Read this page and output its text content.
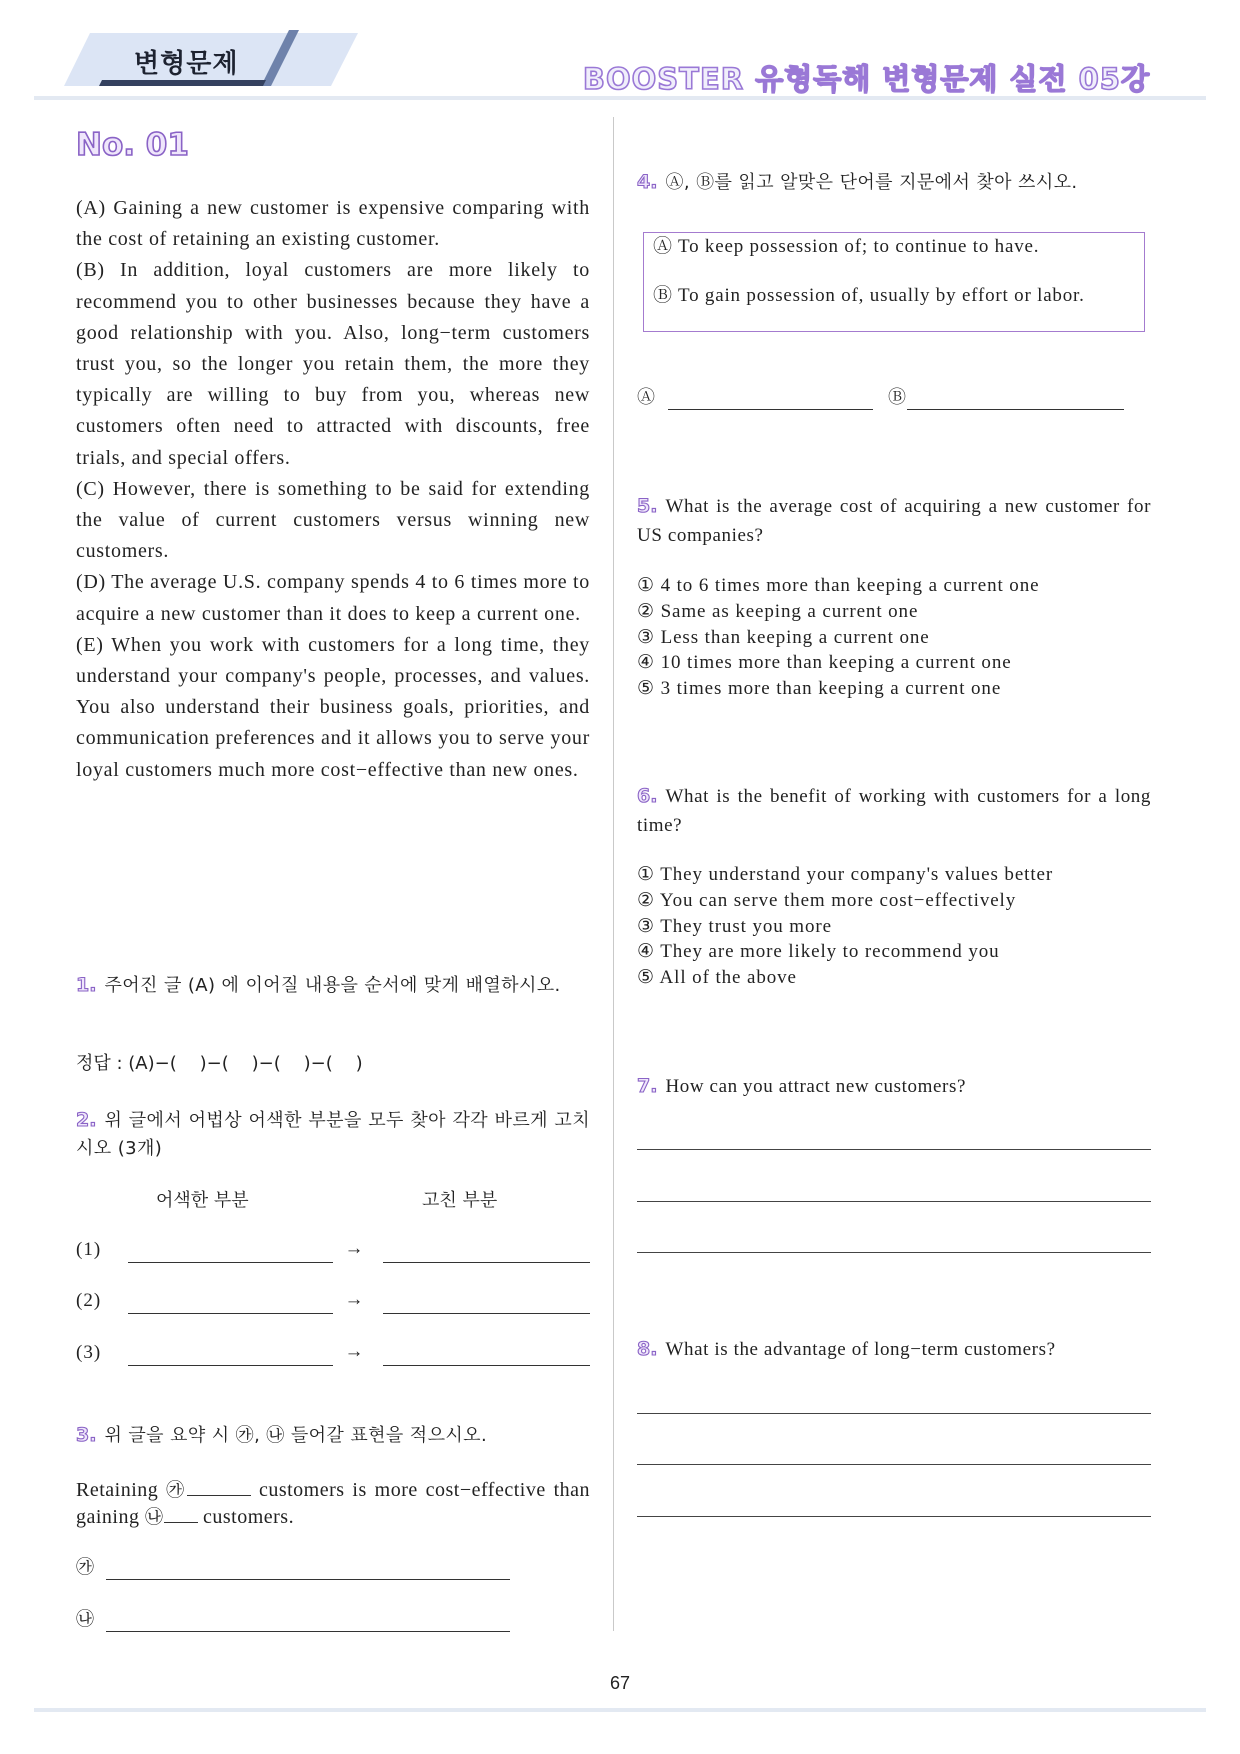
변형문제	BOOSTER 유형독해 변형문제 실전 05강
No. 01

(A) Gaining a new customer is expensive comparing with the cost of retaining an existing customer.

(B) In addition, loyal customers are more likely to recommend you to other businesses because they have a good relationship with you. Also, long−term customers trust you, so the longer you retain them, the more they typically are willing to buy from you, whereas new customers often need to attracted with discounts, free trials, and special offers.

(C) However, there is something to be said for extending the value of current customers versus winning new customers.

(D) The average U.S. company spends 4 to 6 times more to acquire a new customer than it does to keep a current one.

(E) When you work with customers for a long time, they understand your company's people, processes, and values. You also understand their business goals, priorities, and communication preferences and it allows you to serve your loyal customers much more cost−effective than new ones.

1. 주어진 글 (A) 에 이어질 내용을 순서에 맞게 배열하시오.

정답 : (A)−(    )−(    )−(    )−(    )

2. 위 글에서 어법상 어색한 부분을 모두 찾아 각각 바르게 고치시오 (3개)

어색한 부분	고친 부분
(1)	→
(2)	→
(3)	→

3. 위 글을 요약 시 ㉮, ㉯ 들어갈 표현을 적으시오.

Retaining ㉮	customers is more cost−effective than gaining ㉯ customers.

㉮
㉯

4. Ⓐ, Ⓑ를 읽고 알맞은 단어를 지문에서 찾아 쓰시오.

Ⓐ To keep possession of; to continue to have.

Ⓑ To gain possession of, usually by effort or labor.

Ⓐ	Ⓑ

5. What is the average cost of acquiring a new customer for US companies?

① 4 to 6 times more than keeping a current one
② Same as keeping a current one
③ Less than keeping a current one
④ 10 times more than keeping a current one
⑤ 3 times more than keeping a current one

6. What is the benefit of working with customers for a long time?

① They understand your company's values better
② You can serve them more cost−effectively
③ They trust you more
④ They are more likely to recommend you
⑤ All of the above

7. How can you attract new customers?

8. What is the advantage of long−term customers?

67
